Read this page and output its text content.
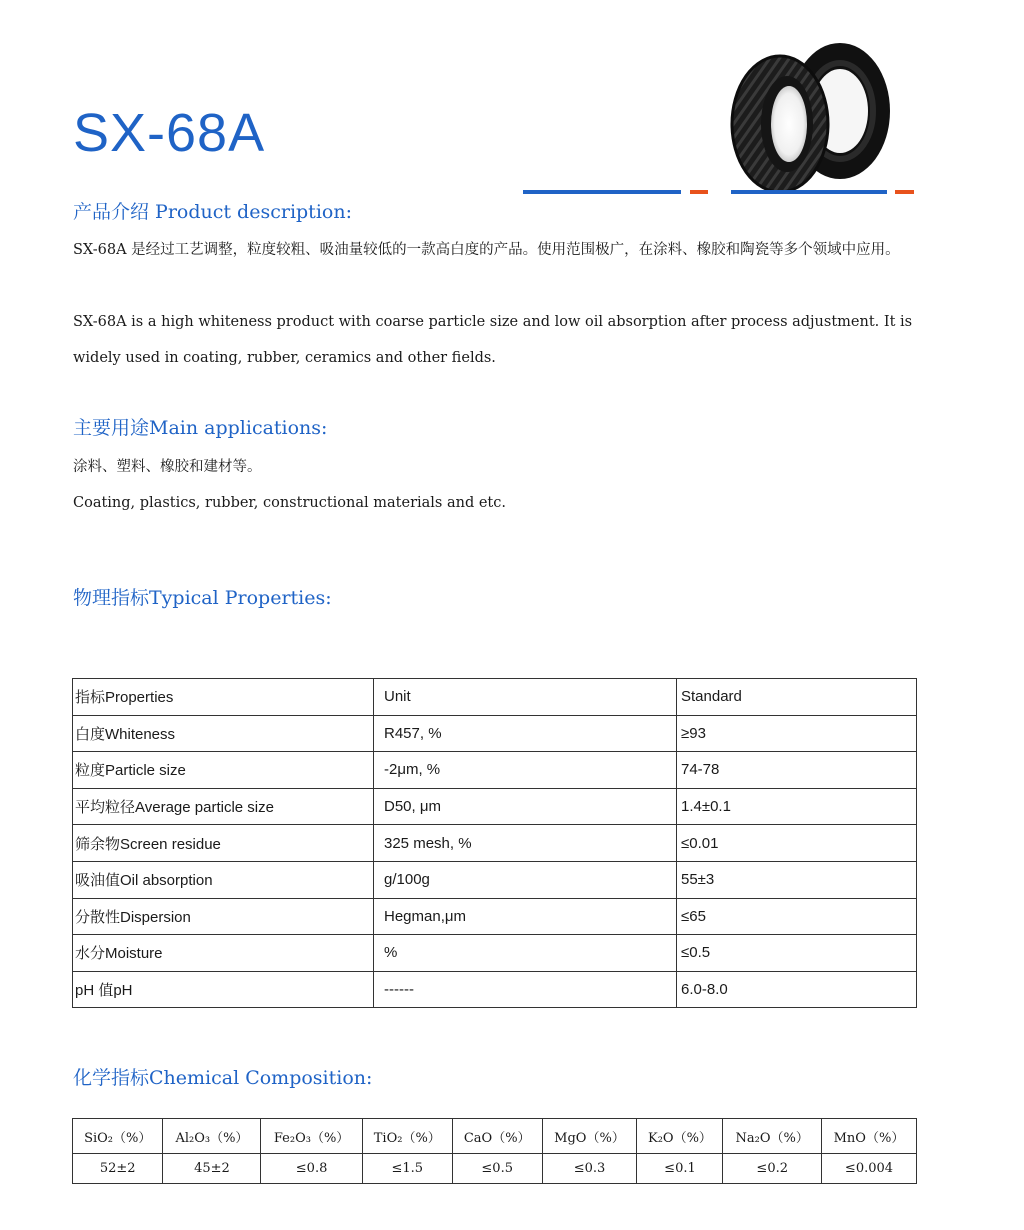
SX-68A
产品介绍 Product description:
SX-68A 是经过工艺调整，粒度较粗、吸油量较低的一款高白度的产品。使用范围极广，在涂料、橡胶和陶瓷等多个领域中应用。
SX-68A is a high whiteness product with coarse particle size and low oil absorption after process adjustment. It is widely used in coating, rubber, ceramics and other fields.
主要用途Main applications:
涂料、塑料、橡胶和建材等。
Coating, plastics, rubber, constructional materials and etc.
物理指标Typical Properties:
指标Properties	Unit	Standard
白度Whiteness	R457, %	≥93
粒度Particle size	-2μm, %	74-78
平均粒径Average particle size	D50, μm	1.4±0.1
筛余物Screen residue	325 mesh, %	≤0.01
吸油值Oil absorption	g/100g	55±3
分散性Dispersion	Hegman,μm	≤65
水分Moisture	%	≤0.5
pH 值pH	------	6.0-8.0
化学指标Chemical Composition:
SiO₂（%）	Al₂O₃（%）	Fe₂O₃（%）	TiO₂（%）	CaO（%）	MgO（%）	K₂O（%）	Na₂O（%）	MnO（%）
52±2	45±2	≤0.8	≤1.5	≤0.5	≤0.3	≤0.1	≤0.2	≤0.004
